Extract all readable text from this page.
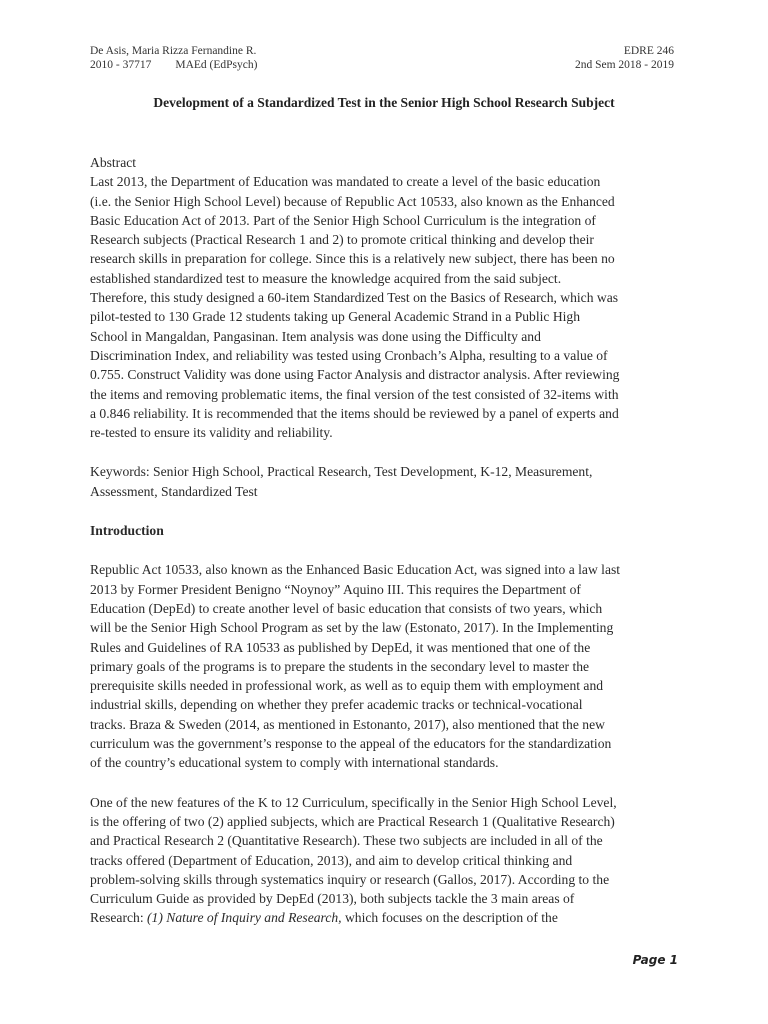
De Asis, Maria Rizza Fernandine R.
2010 - 37717 MAEd (EdPsych)
EDRE 246
2nd Sem 2018 - 2019
Development of a Standardized Test in the Senior High School Research Subject

Abstract

Last 2013, the Department of Education was mandated to create a level of the basic education

(i.e. the Senior High School Level) because of Republic Act 10533, also known as the Enhanced

Basic Education Act of 2013. Part of the Senior High School Curriculum is the integration of

Research subjects (Practical Research 1 and 2) to promote critical thinking and develop their

research skills in preparation for college. Since this is a relatively new subject, there has been no

established standardized test to measure the knowledge acquired from the said subject.

Therefore, this study designed a 60-item Standardized Test on the Basics of Research, which was

pilot-tested to 130 Grade 12 students taking up General Academic Strand in a Public High

School in Mangaldan, Pangasinan. Item analysis was done using the Difficulty and

Discrimination Index, and reliability was tested using Cronbach’s Alpha, resulting to a value of

0.755. Construct Validity was done using Factor Analysis and distractor analysis. After reviewing

the items and removing problematic items, the final version of the test consisted of 32-items with

a 0.846 reliability. It is recommended that the items should be reviewed by a panel of experts and

re-tested to ensure its validity and reliability.

Keywords: Senior High School, Practical Research, Test Development, K-12, Measurement,

Assessment, Standardized Test

Introduction

Republic Act 10533, also known as the Enhanced Basic Education Act, was signed into a law last

2013 by Former President Benigno “Noynoy” Aquino III. This requires the Department of

Education (DepEd) to create another level of basic education that consists of two years, which

will be the Senior High School Program as set by the law (Estonato, 2017). In the Implementing

Rules and Guidelines of RA 10533 as published by DepEd, it was mentioned that one of the

primary goals of the programs is to prepare the students in the secondary level to master the

prerequisite skills needed in professional work, as well as to equip them with employment and

industrial skills, depending on whether they prefer academic tracks or technical-vocational

tracks. Braza & Sweden (2014, as mentioned in Estonanto, 2017), also mentioned that the new

curriculum was the government’s response to the appeal of the educators for the standardization

of the country’s educational system to comply with international standards.

One of the new features of the K to 12 Curriculum, specifically in the Senior High School Level,

is the offering of two (2) applied subjects, which are Practical Research 1 (Qualitative Research)

and Practical Research 2 (Quantitative Research). These two subjects are included in all of the

tracks offered (Department of Education, 2013), and aim to develop critical thinking and

problem-solving skills through systematics inquiry or research (Gallos, 2017). According to the

Curriculum Guide as provided by DepEd (2013), both subjects tackle the 3 main areas of

Research: (1) Nature of Inquiry and Research, which focuses on the description of the

Page 1
